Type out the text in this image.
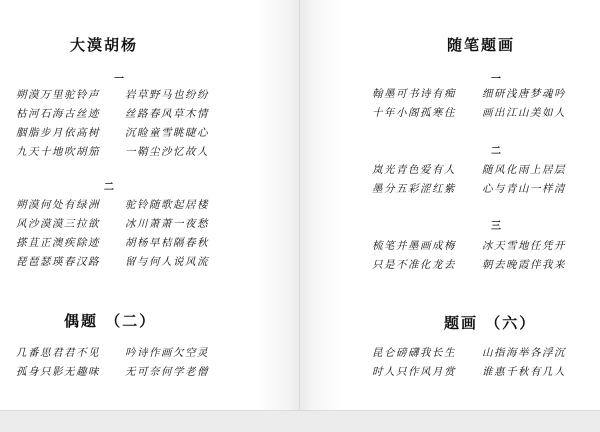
大漠胡杨
一
朔漠万里驼铃声 岩草野马也纷纷
枯河石海古丝迹 丝路春风草木情
胭脂步月依高树 沉睑童雪眺睫心
九天十地吹胡笳 一鞘尘沙忆故人
二
朔漠何处有绿洲 驼铃随歌起居楼
风沙漠漠三拉欲 冰川萧萧一夜愁
搽苴正澳疾除迹 胡杨早桔隔春秋
琵琶瑟瑛春汉路 留与何人说风流
偶题 （二）
几番思君君不见 吟诗作画欠空灵
孤身只影无趣味 无可奈何学老僧
随笔题画
一
翰墨可书诗有痴 细研浅唐梦魂吟
十年小阁孤寒住 画出江山美如人
二
岚光青色爱有人 随风化雨上居层
墨分五彩涩红紫 心与青山一样清
三
梳笔并墨画成梅 冰天雪地任凭开
只是不准化龙去 朝去晚霞伴我来
题画 （六）
昆仑磅礴我长生 山指海举各浮沉
时人只作风月赏 谁惠千秋有几人
